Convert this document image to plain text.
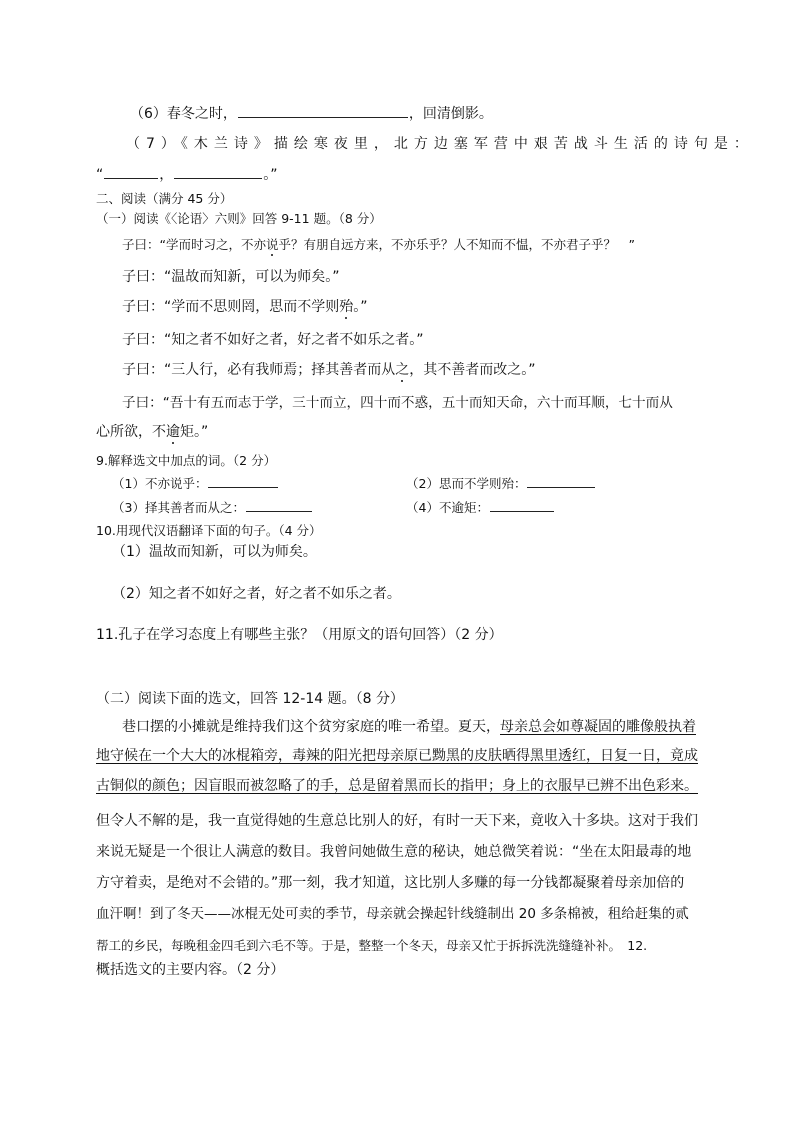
（6）春冬之时，	，回清倒影。
（7）《木兰诗》描绘寒夜里，北方边塞军营中艰苦战斗生活的诗句是：
“	，	。”
二、阅读（满分 45 分）
（一）阅读《〈论语〉六则》回答 9-11 题。（8 分）
子曰：“学而时习之，不亦说乎？有朋自远方来，不亦乐乎？人不知而不愠，不亦君子乎？　”
子曰：“温故而知新，可以为师矣。”
子曰：“学而不思则罔，思而不学则殆。”
子曰：“知之者不如好之者，好之者不如乐之者。”
子曰：“三人行，必有我师焉；择其善者而从之，其不善者而改之。”
子曰：“吾十有五而志于学，三十而立，四十而不惑，五十而知天命，六十而耳顺，七十而从
心所欲，不逾矩。”
9.解释选文中加点的词。（2 分）
（1）不亦说乎：	（2）思而不学则殆：
（3）择其善者而从之：	（4）不逾矩：
10.用现代汉语翻译下面的句子。（4 分）
（1）温故而知新，可以为师矣。
（2）知之者不如好之者，好之者不如乐之者。
11.孔子在学习态度上有哪些主张？（用原文的语句回答）（2 分）
（二）阅读下面的选文，回答 12-14 题。（8 分）
巷口摆的小摊就是维持我们这个贫穷家庭的唯一希望。夏天，母亲总会如尊凝固的雕像般执着
地守候在一个大大的冰棍箱旁，毒辣的阳光把母亲原已黝黑的皮肤晒得黑里透红，日复一日，竟成
古铜似的颜色；因盲眼而被忽略了的手，总是留着黑而长的指甲；身上的衣服早已辨不出色彩来。
但令人不解的是，我一直觉得她的生意总比别人的好，有时一天下来，竟收入十多块。这对于我们
来说无疑是一个很让人满意的数目。我曾问她做生意的秘诀，她总微笑着说：“坐在太阳最毒的地
方守着卖，是绝对不会错的。”那一刻，我才知道，这比别人多赚的每一分钱都凝聚着母亲加倍的
血汗啊！到了冬天——冰棍无处可卖的季节，母亲就会操起针线缝制出 20 多条棉被，租给赶集的贰
帮工的乡民，每晚租金四毛到六毛不等。于是，整整一个冬天，母亲又忙于拆拆洗洗缝缝补补。　12.
概括选文的主要内容。（2 分）
